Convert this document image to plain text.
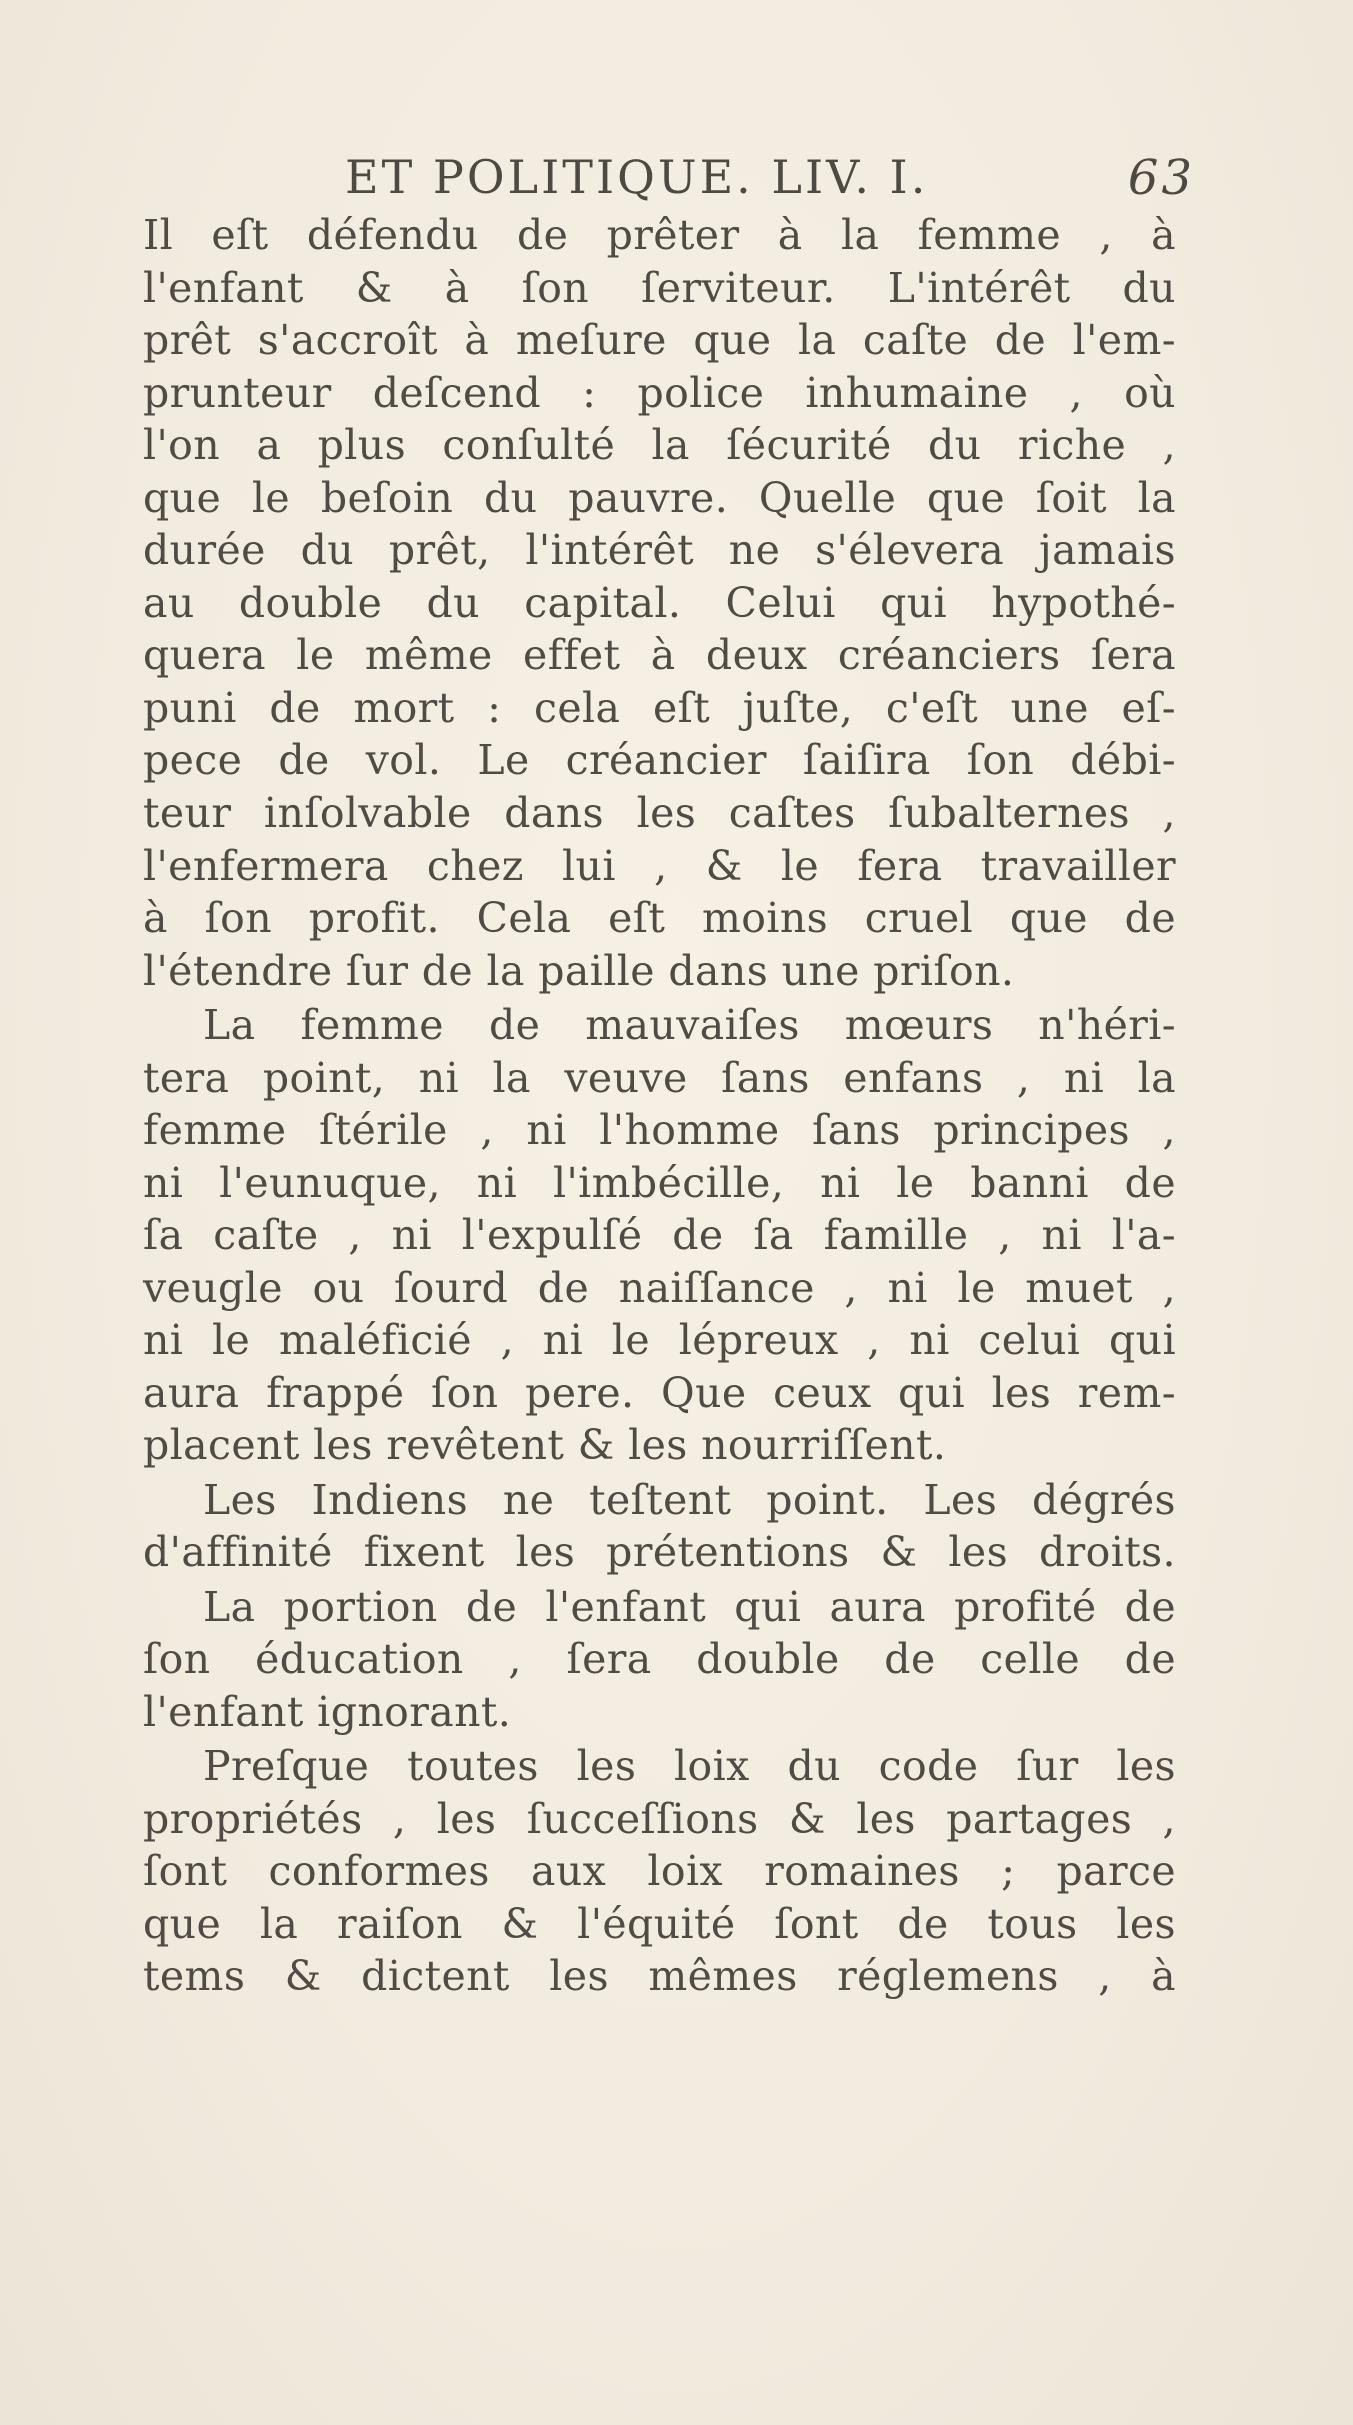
ET POLITIQUE. LIV. I.	63
Il eſt défendu de prêter à la femme , à
l'enfant & à ſon ſerviteur. L'intérêt du
prêt s'accroît à meſure que la caſte de l'em-
prunteur deſcend : police inhumaine , où
l'on a plus conſulté la ſécurité du riche ,
que le beſoin du pauvre. Quelle que ſoit la
durée du prêt, l'intérêt ne s'élevera jamais
au double du capital. Celui qui hypothé-
quera le même effet à deux créanciers ſera
puni de mort : cela eſt juſte, c'eſt une eſ-
pece de vol. Le créancier ſaiſira ſon débi-
teur inſolvable dans les caſtes ſubalternes ,
l'enfermera chez lui , & le fera travailler
à ſon profit. Cela eſt moins cruel que de
l'étendre ſur de la paille dans une priſon.
La femme de mauvaiſes mœurs n'héri-
tera point, ni la veuve ſans enfans , ni la
femme ſtérile , ni l'homme ſans principes ,
ni l'eunuque, ni l'imbécille, ni le banni de
ſa caſte , ni l'expulſé de ſa famille , ni l'a-
veugle ou ſourd de naiſſance , ni le muet ,
ni le maléficié , ni le lépreux , ni celui qui
aura frappé ſon pere. Que ceux qui les rem-
placent les revêtent & les nourriſſent.
Les Indiens ne teſtent point. Les dégrés
d'affinité fixent les prétentions & les droits.
La portion de l'enfant qui aura profité de
ſon éducation , ſera double de celle de
l'enfant ignorant.
Preſque toutes les loix du code ſur les
propriétés , les ſucceſſions & les partages ,
ſont conformes aux loix romaines ; parce
que la raiſon & l'équité ſont de tous les
tems & dictent les mêmes réglemens , à
